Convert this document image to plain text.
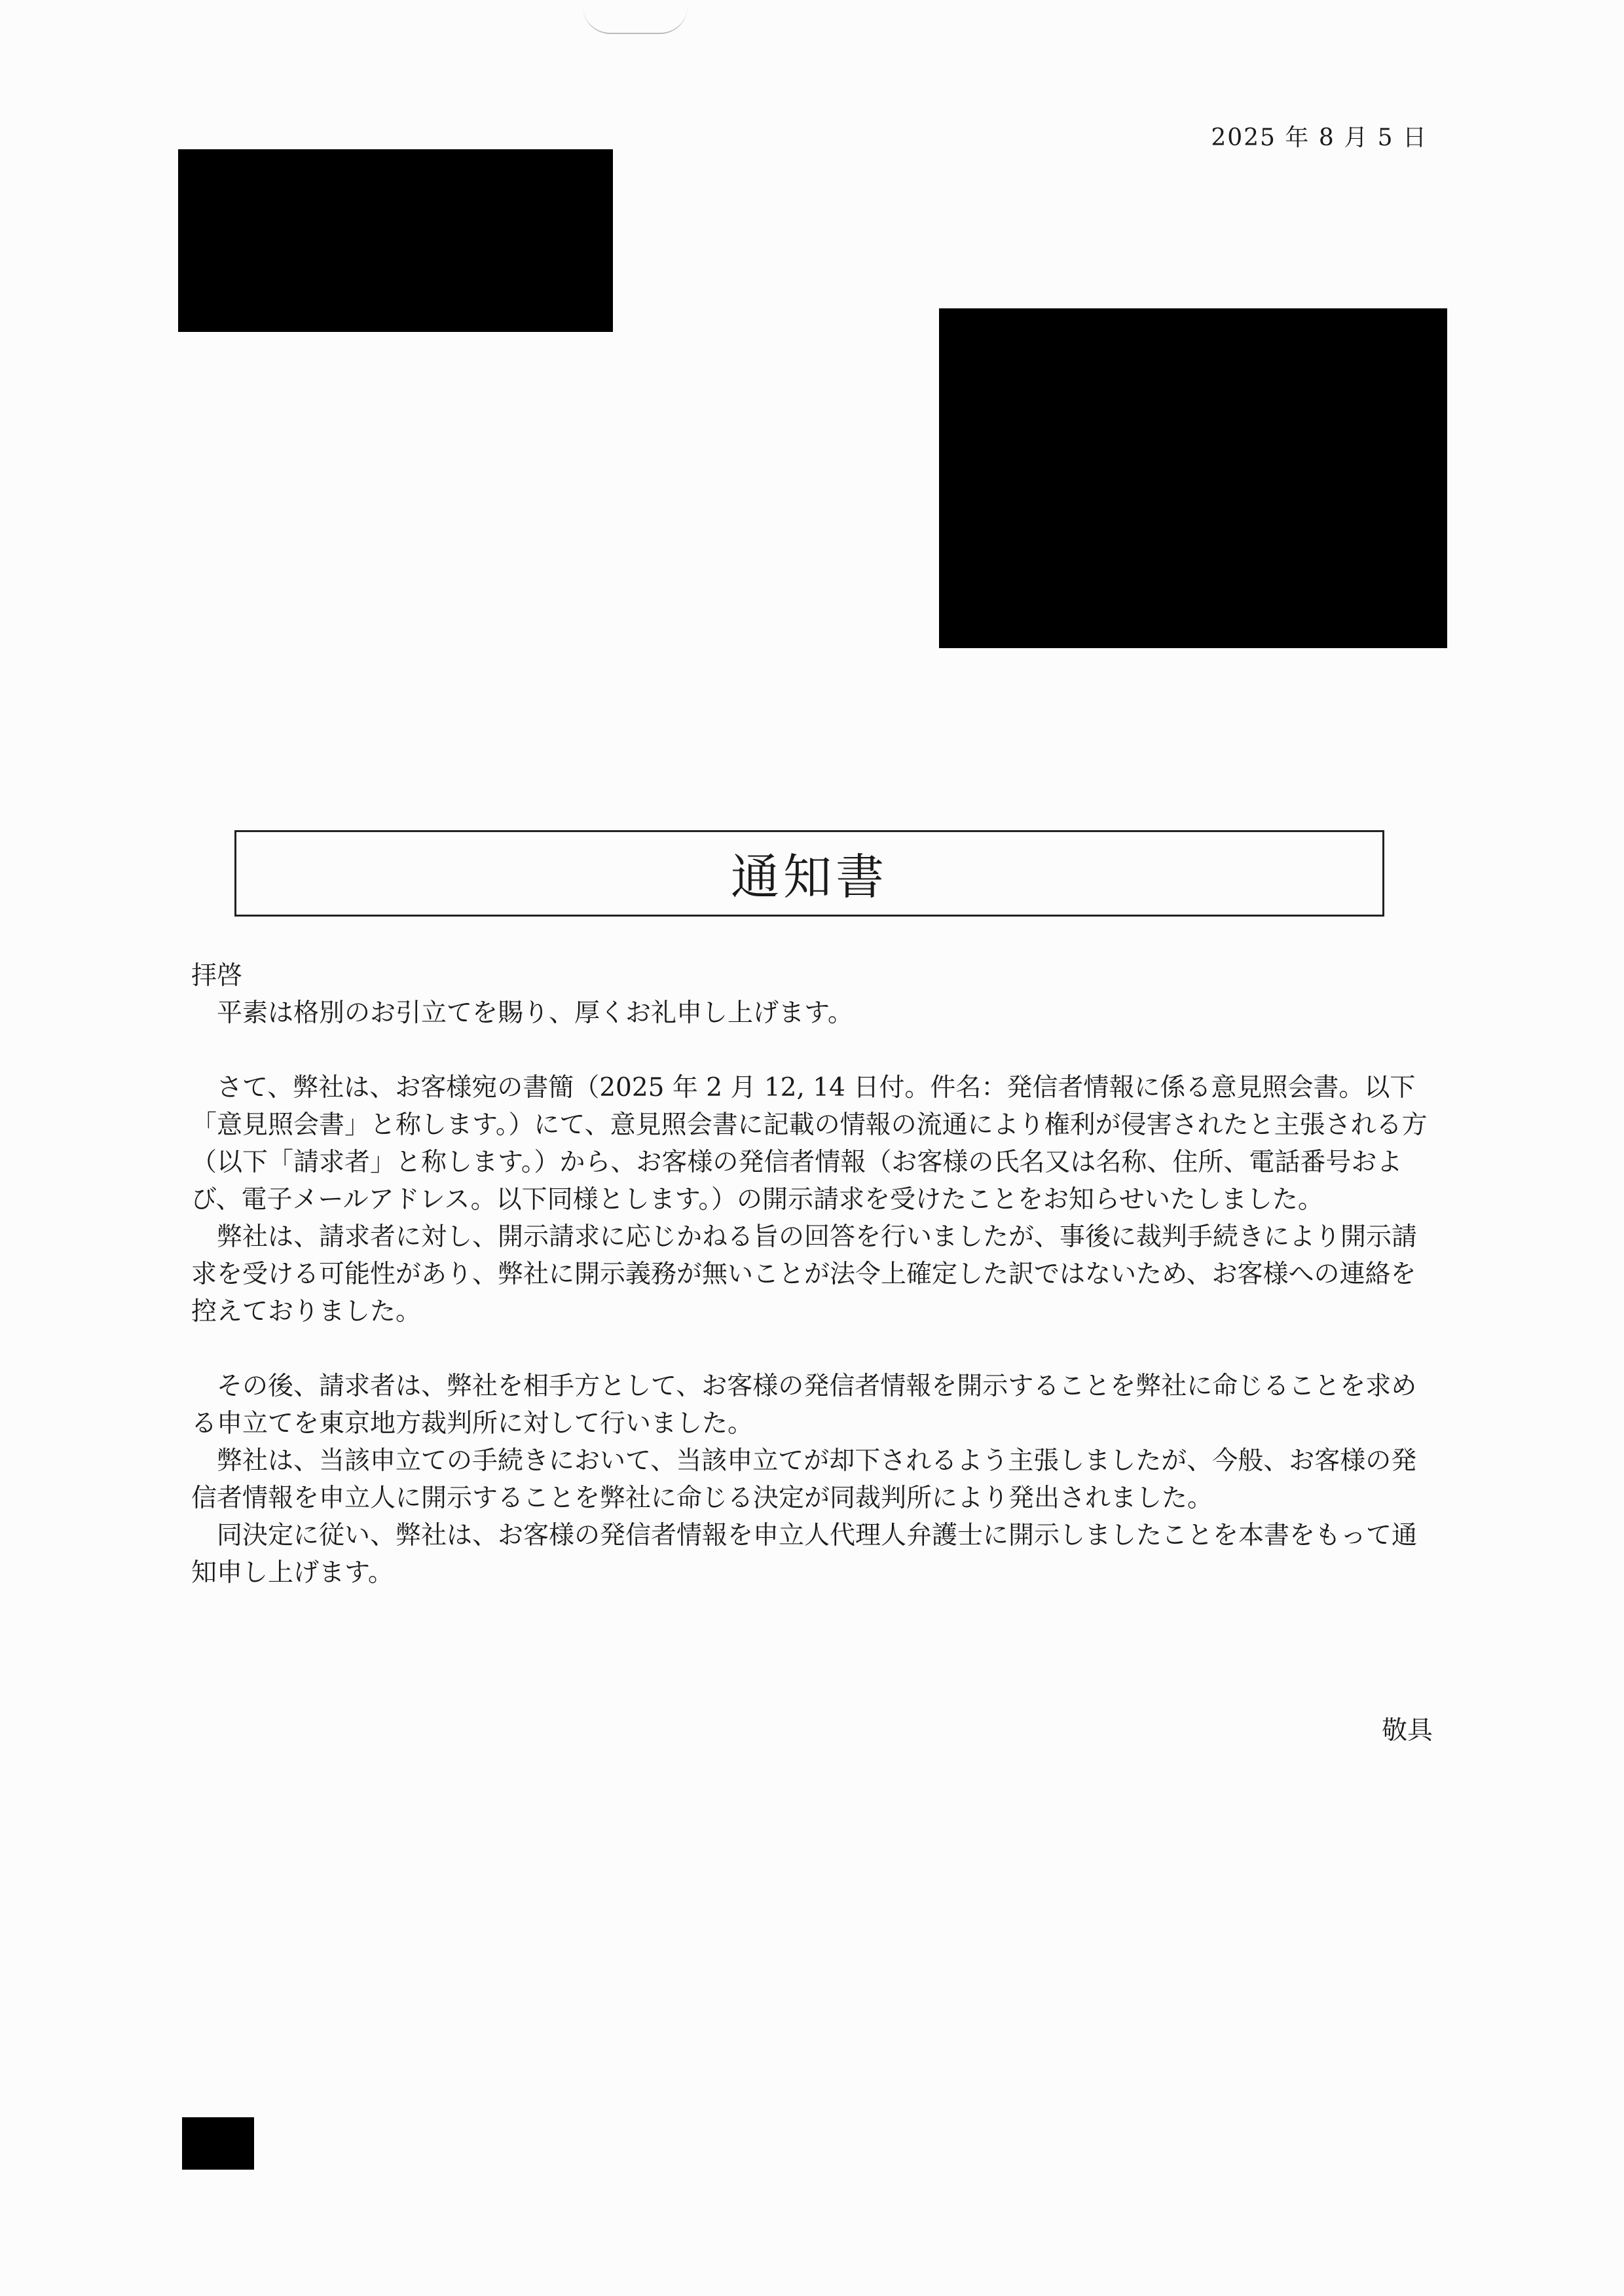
2025 年 8 月 5 日
通知書

拝啓

平素は格別のお引立てを賜り、厚くお礼申し上げます。

さて、弊社は、お客様宛の書簡（2025 年 2 月 12, 14 日付。件名：発信者情報に係る意見照会書。以下「意見照会書」と称します。）にて、意見照会書に記載の情報の流通により権利が侵害されたと主張される方（以下「請求者」と称します。）から、お客様の発信者情報（お客様の氏名又は名称、住所、電話番号および、電子メールアドレス。以下同様とします。）の開示請求を受けたことをお知らせいたしました。

弊社は、請求者に対し、開示請求に応じかねる旨の回答を行いましたが、事後に裁判手続きにより開示請求を受ける可能性があり、弊社に開示義務が無いことが法令上確定した訳ではないため、お客様への連絡を控えておりました。

その後、請求者は、弊社を相手方として、お客様の発信者情報を開示することを弊社に命じることを求める申立てを東京地方裁判所に対して行いました。

弊社は、当該申立ての手続きにおいて、当該申立てが却下されるよう主張しましたが、今般、お客様の発信者情報を申立人に開示することを弊社に命じる決定が同裁判所により発出されました。

同決定に従い、弊社は、お客様の発信者情報を申立人代理人弁護士に開示しましたことを本書をもって通知申し上げます。

敬具
